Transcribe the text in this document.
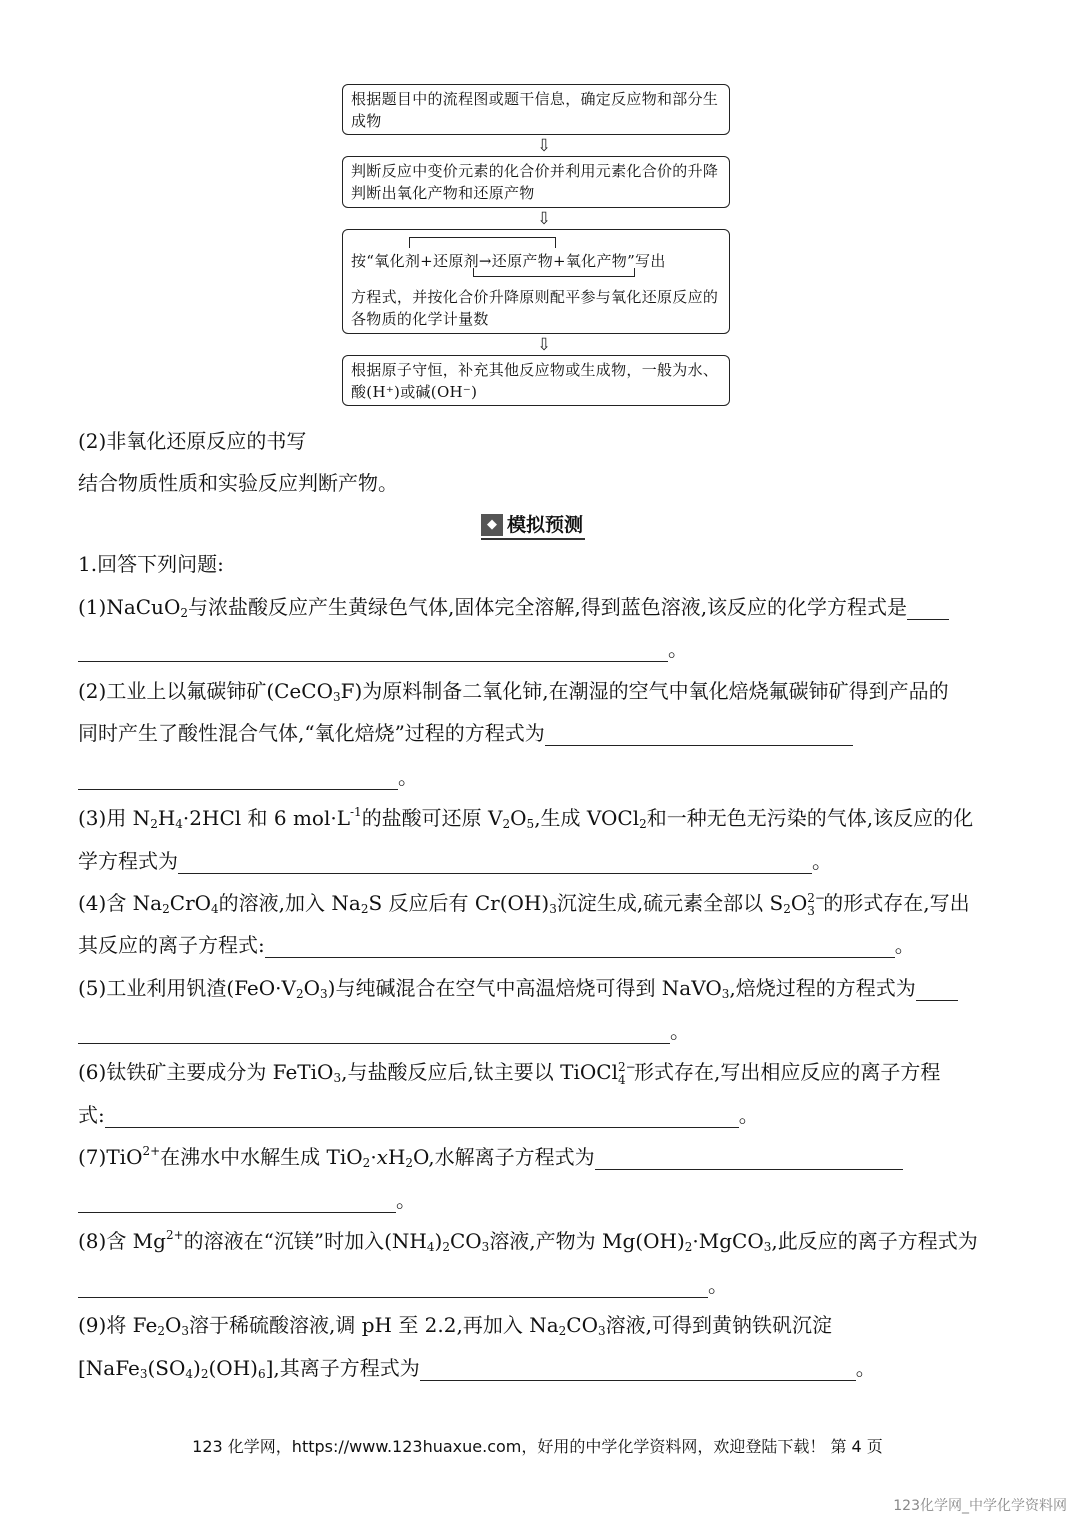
根据题目中的流程图或题干信息，确定反应物和部分生成物
⇩
判断反应中变价元素的化合价并利用元素化合价的升降判断出氧化产物和还原产物
⇩
按“氧化剂+还原剂→还原产物+氧化产物”写出
方程式，并按化合价升降原则配平参与氧化还原反应的各物质的化学计量数
⇩
根据原子守恒，补充其他反应物或生成物，一般为水、酸(H⁺)或碱(OH⁻)
(2)非氧化还原反应的书写
结合物质性质和实验反应判断产物。
◆ 模拟预测
1.回答下列问题:
(1)NaCuO$_2$与浓盐酸反应产生黄绿色气体,固体完全溶解,得到蓝色溶液,该反应的化学方程式是
。
(2)工业上以氟碳铈矿(CeCO$_3$F)为原料制备二氧化铈,在潮湿的空气中氧化焙烧氟碳铈矿得到产品的
同时产生了酸性混合气体,“氧化焙烧”过程的方程式为
。
(3)用 $N_2H_4\cdot 2HCl$ 和 6 $mol\cdot L^{-1}$的盐酸可还原 $V_2O_5$,生成 VOCl$_2$和一种无色无污染的气体,该反应的化
学方程式为	。
(4)含 $Na_2CrO_4$的溶液,加入 $Na_2S$ 反应后有 $Cr(OH)_3$沉淀生成,硫元素全部以 $S_2O$ 2−
3 的形式存在,写出
其反应的离子方程式:	。
(5)工业利用钒渣$(FeO\cdot V_2O_3)$与纯碱混合在空气中高温焙烧可得到 NaVO$_3$,焙烧过程的方程式为
。
(6)钛铁矿主要成分为 FeTiO$_3$,与盐酸反应后,钛主要以 TiOCl 2−
4 形式存在,写出相应反应的离子方程
式:	。
(7)TiO$^{2+}$在沸水中水解生成 $TiO_2\cdot xH_2O$,水解离子方程式为
。
(8)含 $Mg^{2+}$的溶液在“沉镁”时加入$(NH_4)_2CO_3$溶液,产物为 $Mg(OH)_2\cdot MgCO_3$,此反应的离子方程式为
。
(9)将 $Fe_2O_3$溶于稀硫酸溶液,调 pH 至 2.2,再加入 $Na_2CO_3$溶液,可得到黄钠铁矾沉淀
$[NaFe_3(SO_4)_2(OH)_6]$,其离子方程式为	。
123 化学网，https://www.123huaxue.com，好用的中学化学资料网，欢迎登陆下载！ 第 4 页
123化学网_中学化学资料网
